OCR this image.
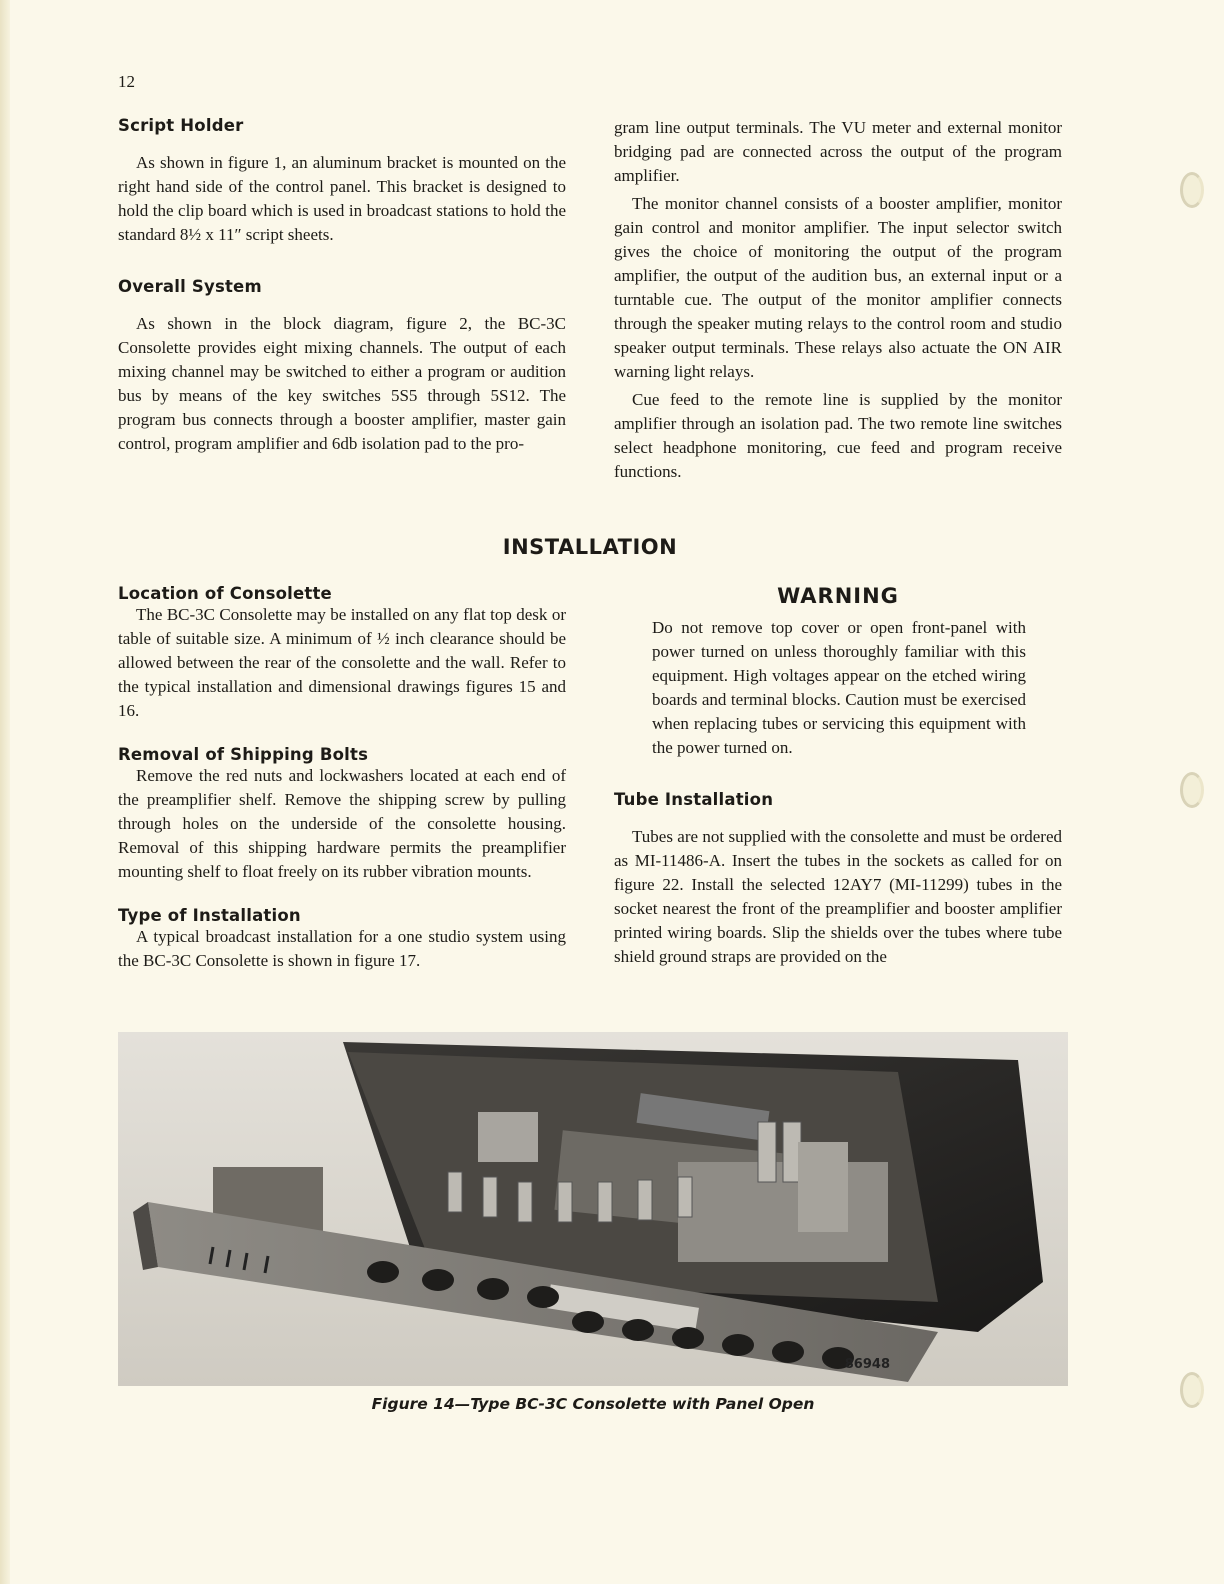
12
Script Holder

As shown in figure 1, an aluminum bracket is mounted on the right hand side of the control panel. This bracket is designed to hold the clip board which is used in broadcast stations to hold the standard 8½ x 11″ script sheets.

Overall System

As shown in the block diagram, figure 2, the BC-3C Consolette provides eight mixing channels. The output of each mixing channel may be switched to either a program or audition bus by means of the key switches 5S5 through 5S12. The program bus connects through a booster amplifier, master gain control, program amplifier and 6db isolation pad to the pro-

gram line output terminals. The VU meter and external monitor bridging pad are connected across the output of the program amplifier.

The monitor channel consists of a booster amplifier, monitor gain control and monitor amplifier. The input selector switch gives the choice of monitoring the output of the program amplifier, the output of the audition bus, an external input or a turntable cue. The output of the monitor amplifier connects through the speaker muting relays to the control room and studio speaker output terminals. These relays also actuate the ON AIR warning light relays.

Cue feed to the remote line is supplied by the monitor amplifier through an isolation pad. The two remote line switches select headphone monitoring, cue feed and program receive functions.

INSTALLATION
Location of Consolette

The BC-3C Consolette may be installed on any flat top desk or table of suitable size. A minimum of ½ inch clearance should be allowed between the rear of the consolette and the wall. Refer to the typical installation and dimensional drawings figures 15 and 16.

Removal of Shipping Bolts

Remove the red nuts and lockwashers located at each end of the preamplifier shelf. Remove the shipping screw by pulling through holes on the underside of the consolette housing. Removal of this shipping hardware permits the preamplifier mounting shelf to float freely on its rubber vibration mounts.

Type of Installation

A typical broadcast installation for a one studio system using the BC-3C Consolette is shown in figure 17.

WARNING

Do not remove top cover or open front-panel with power turned on unless thoroughly familiar with this equipment. High voltages appear on the etched wiring boards and terminal blocks. Caution must be exercised when replacing tubes or servicing this equipment with the power turned on.

Tube Installation

Tubes are not supplied with the consolette and must be ordered as MI-11486-A. Insert the tubes in the sockets as called for on figure 22. Install the selected 12AY7 (MI-11299) tubes in the socket nearest the front of the preamplifier and booster amplifier printed wiring boards. Slip the shields over the tubes where tube shield ground straps are provided on the

86948
Figure 14—Type BC-3C Consolette with Panel Open
